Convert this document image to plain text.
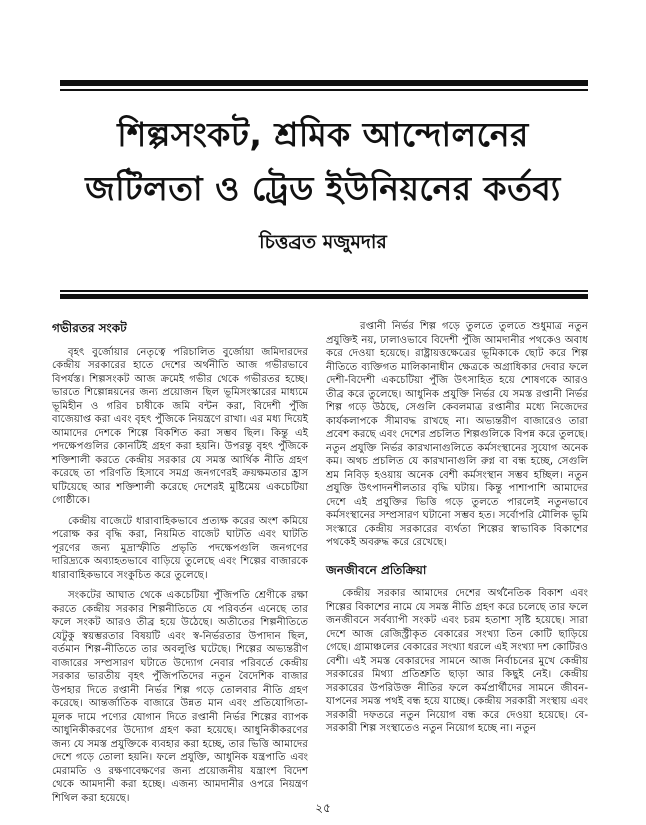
শিল্পসংকট, শ্রমিক আন্দোলনের
জটিলতা ও ট্রেড ইউনিয়নের কর্তব্য
চিত্তব্রত মজুমদার
গভীরতর সংকট

বৃহৎ বুর্জোয়ার নেতৃত্বে পরিচালিত বুর্জোয়া জমিদারদের কেন্দ্রীয় সরকারের হাতে দেশের অর্থনীতি আজ গভীরভাবে বিপর্যস্ত। শিল্পসংকট আজ ক্রমেই গভীর থেকে গভীরতর হচ্ছে। ভারতে শিল্পোন্নয়নের জন্য প্রয়োজন ছিল ভূমিসংস্কারের মাধ্যমে ভূমিহীন ও গরিব চাষীকে জমি বন্টন করা, বিদেশী পুঁজি বাজেয়াপ্ত করা এবং বৃহৎ পুঁজিকে নিয়ন্ত্রণে রাখা। এর মধ্য দিয়েই আমাদের দেশকে শিল্পে বিকশিত করা সম্ভব ছিল। কিন্তু এই পদক্ষেপগুলির কোনটিই গ্রহণ করা হয়নি। উপরন্তু বৃহৎ পুঁজিকে শক্তিশালী করতে কেন্দ্রীয় সরকার যে সমস্ত আর্থিক নীতি গ্রহণ করেছে তা পরিণতি হিসাবে সমগ্র জনগণেরই ক্রয়ক্ষমতার হ্রাস ঘটিয়েছে আর শক্তিশালী করেছে দেশেরই মুষ্টিমেয় একচেটিয়া গোষ্ঠীকে।

কেন্দ্রীয় বাজেটে ধারাবাহিকভাবে প্রত্যক্ষ করের অংশ কমিয়ে পরোক্ষ কর বৃদ্ধি করা, নিয়মিত বাজেট ঘাটতি এবং ঘাটতি পূরণের জন্য মুদ্রাস্ফীতি প্রভৃতি পদক্ষেপগুলি জনগণের দারিদ্র্যকে অব্যাহতভাবে বাড়িয়ে তুলেছে এবং শিল্পের বাজারকে ধারাবাহিকভাবে সংকুচিত করে তুলেছে।

সংকটের আঘাত থেকে একচেটিয়া পুঁজিপতি শ্রেণীকে রক্ষা করতে কেন্দ্রীয় সরকার শিল্পনীতিতে যে পরিবর্তন এনেছে তার ফলে সংকট আরও তীব্র হয়ে উঠেছে। অতীতের শিল্পনীতিতে যেটুকু স্বয়ম্ভরতার বিষয়টি এবং স্ব-নির্ভরতার উপাদান ছিল, বর্তমান শিল্প-নীতিতে তার অবলুপ্তি ঘটেছে। শিল্পের অভ্যন্তরীণ বাজারের সম্প্রসারণ ঘটাতে উদ্যোগ নেবার পরিবর্তে কেন্দ্রীয় সরকার ভারতীয় বৃহৎ পুঁজিপতিদের নতুন বৈদেশিক বাজার উপহার দিতে রপ্তানী নির্ভর শিল্প গড়ে তোলবার নীতি গ্রহণ করেছে। আন্তর্জাতিক বাজারে উন্নত মান এবং প্রতিযোগিতা-মূলক দামে পণ্যের যোগান দিতে রপ্তানী নির্ভর শিল্পের ব্যাপক আধুনিকীকরণের উদ্যোগ গ্রহণ করা হয়েছে। আধুনিকীকরণের জন্য যে সমস্ত প্রযুক্তিকে ব্যবহার করা হচ্ছে, তার ভিত্তি আমাদের দেশে গড়ে তোলা হয়নি। ফলে প্রযুক্তি, আধুনিক যন্ত্রপাতি এবং মেরামতি ও রক্ষণাবেক্ষণের জন্য প্রয়োজনীয় যন্ত্রাংশ বিদেশ থেকে আমদানী করা হচ্ছে। এজন্য আমদানীর ওপরে নিয়ন্ত্রণ শিথিল করা হয়েছে।

রপ্তানী নির্ভর শিল্প গড়ে তুলতে তুলতে শুধুমাত্র নতুন প্রযুক্তিই নয়, ঢালাওভাবে বিদেশী পুঁজি আমদানীর পথকেও অবাধ করে দেওয়া হয়েছে। রাষ্ট্রায়ত্তক্ষেত্রের ভূমিকাকে ছোট করে শিল্প নীতিতে ব্যক্তিগত মালিকানাধীন ক্ষেত্রকে অগ্রাধিকার দেবার ফলে দেশী-বিদেশী একচেটিয়া পুঁজি উৎসাহিত হয়ে শোষণকে আরও তীব্র করে তুলেছে। আধুনিক প্রযুক্তি নির্ভর যে সমস্ত রপ্তানী নির্ভর শিল্প গড়ে উঠছে, সেগুলি কেবলমাত্র রপ্তানীর মধ্যে নিজেদের কার্যকলাপকে সীমাবদ্ধ রাখছে না। অভ্যন্তরীণ বাজারেও তারা প্রবেশ করছে এবং দেশের প্রচলিত শিল্পগুলিকে বিপন্ন করে তুলছে। নতুন প্রযুক্তি নির্ভর কারখানাগুলিতে কর্মসংস্থানের সুযোগ অনেক কম। অথচ প্রচলিত যে কারখানাগুলি রুগ্ন বা বন্ধ হচ্ছে, সেগুলি শ্রম নিবিড় হওয়ায় অনেক বেশী কর্মসংস্থান সম্ভব হচ্ছিল। নতুন প্রযুক্তি উৎপাদনশীলতার বৃদ্ধি ঘটায়। কিন্তু পাশাপাশি আমাদের দেশে এই প্রযুক্তির ভিত্তি গড়ে তুলতে পারলেই নতুনভাবে কর্মসংস্থানের সম্প্রসারণ ঘটানো সম্ভব হত। সর্বোপরি মৌলিক ভূমি সংস্কারে কেন্দ্রীয় সরকারের ব্যর্থতা শিল্পের স্বাভাবিক বিকাশের পথকেই অবরুদ্ধ করে রেখেছে।

জনজীবনে প্রতিক্রিয়া

কেন্দ্রীয় সরকার আমাদের দেশের অর্থনৈতিক বিকাশ এবং শিল্পের বিকাশের নামে যে সমস্ত নীতি গ্রহণ করে চলেছে তার ফলে জনজীবনে সর্বব্যাপী সংকট এবং চরম হতাশা সৃষ্টি হয়েছে। সারা দেশে আজ রেজিস্ট্রীকৃত বেকারের সংখ্যা তিন কোটি ছাড়িয়ে গেছে। গ্রামাঞ্চলের বেকারের সংখ্যা ধরলে এই সংখ্যা দশ কোটিরও বেশী। এই সমস্ত বেকারদের সামনে আজ নির্বাচনের মুখে কেন্দ্রীয় সরকারের মিথ্যা প্রতিশ্রুতি ছাড়া আর কিছুই নেই। কেন্দ্রীয় সরকারের উপরিউক্ত নীতির ফলে কর্মপ্রার্থীদের সামনে জীবন-যাপনের সমস্ত পথই বন্ধ হয়ে যাচ্ছে। কেন্দ্রীয় সরকারী সংস্থায় এবং সরকারী দফতরে নতুন নিয়োগ বন্ধ করে দেওয়া হয়েছে। বে-সরকারী শিল্প সংস্থাতেও নতুন নিয়োগ হচ্ছে না। নতুন

২৫
